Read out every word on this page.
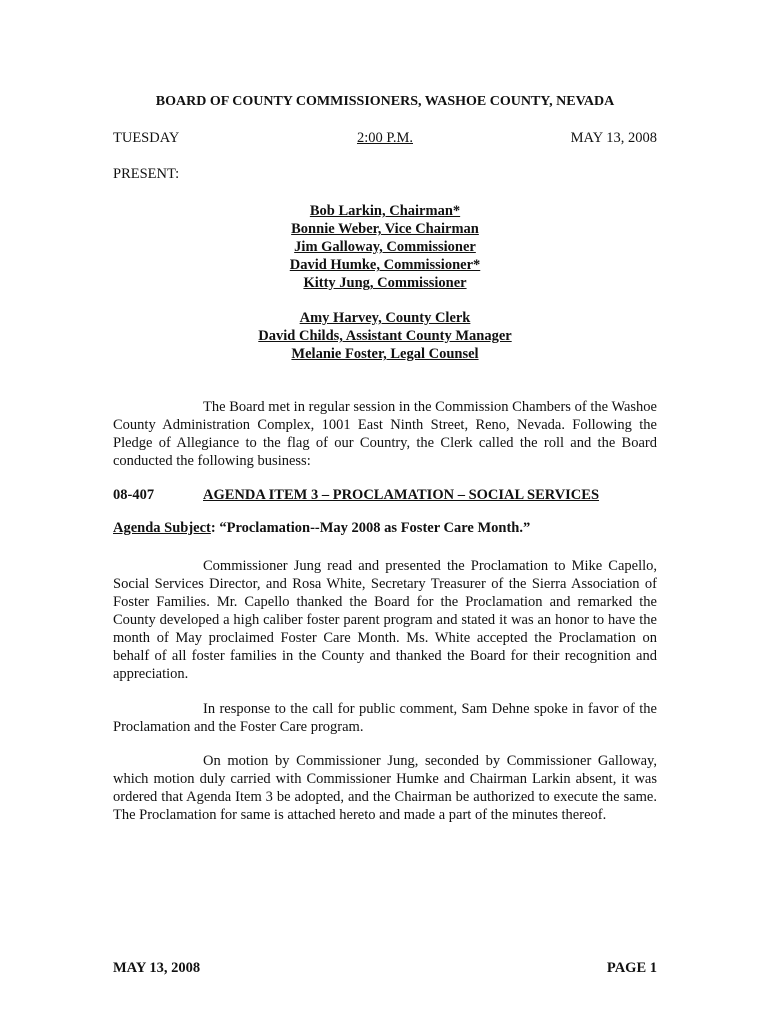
BOARD OF COUNTY COMMISSIONERS, WASHOE COUNTY, NEVADA
TUESDAY	2:00 P.M.	MAY 13, 2008
PRESENT:
Bob Larkin, Chairman*
Bonnie Weber, Vice Chairman
Jim Galloway, Commissioner
David Humke, Commissioner*
Kitty Jung, Commissioner
Amy Harvey, County Clerk
David Childs, Assistant County Manager
Melanie Foster, Legal Counsel

The Board met in regular session in the Commission Chambers of the Washoe County Administration Complex, 1001 East Ninth Street, Reno, Nevada. Following the Pledge of Allegiance to the flag of our Country, the Clerk called the roll and the Board conducted the following business:

08-407	AGENDA ITEM 3 – PROCLAMATION – SOCIAL SERVICES
Agenda Subject: “Proclamation--May 2008 as Foster Care Month.”

Commissioner Jung read and presented the Proclamation to Mike Capello, Social Services Director, and Rosa White, Secretary Treasurer of the Sierra Association of Foster Families. Mr. Capello thanked the Board for the Proclamation and remarked the County developed a high caliber foster parent program and stated it was an honor to have the month of May proclaimed Foster Care Month. Ms. White accepted the Proclamation on behalf of all foster families in the County and thanked the Board for their recognition and appreciation.

In response to the call for public comment, Sam Dehne spoke in favor of the Proclamation and the Foster Care program.

On motion by Commissioner Jung, seconded by Commissioner Galloway, which motion duly carried with Commissioner Humke and Chairman Larkin absent, it was ordered that Agenda Item 3 be adopted, and the Chairman be authorized to execute the same. The Proclamation for same is attached hereto and made a part of the minutes thereof.

MAY 13, 2008	PAGE 1
